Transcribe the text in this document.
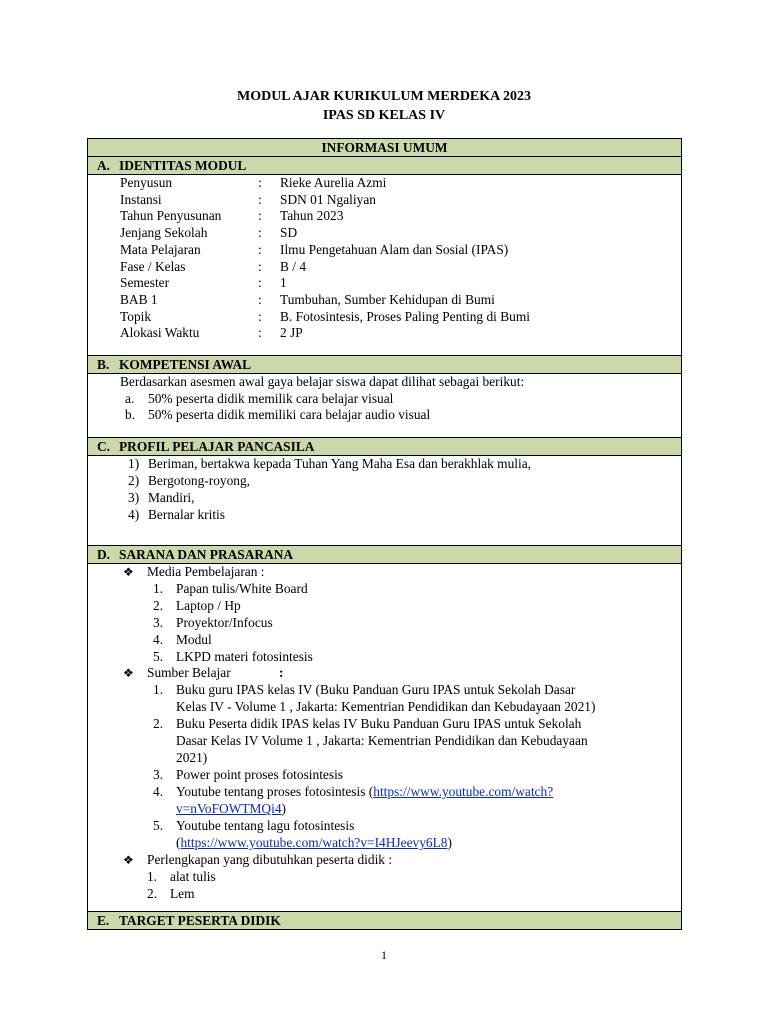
MODUL AJAR KURIKULUM MERDEKA 2023
IPAS SD KELAS IV
INFORMASI UMUM
A. IDENTITAS MODUL

Penyusun	: Rieke Aurelia Azmi
Instansi	: SDN 01 Ngaliyan
Tahun Penyusunan	: Tahun 2023
Jenjang Sekolah	: SD
Mata Pelajaran	: Ilmu Pengetahuan Alam dan Sosial (IPAS)
Fase / Kelas	: B / 4
Semester	: 1
BAB 1	: Tumbuhan, Sumber Kehidupan di Bumi
Topik	: B. Fotosintesis, Proses Paling Penting di Bumi
Alokasi Waktu	: 2 JP

B. KOMPETENSI AWAL

Berdasarkan asesmen awal gaya belajar siswa dapat dilihat sebagai berikut:
a. 50% peserta didik memilik cara belajar visual
b. 50% peserta didik memiliki cara belajar audio visual

C. PROFIL PELAJAR PANCASILA

1) Beriman, bertakwa kepada Tuhan Yang Maha Esa dan berakhlak mulia,
2) Bergotong-royong,
3) Mandiri,
4) Bernalar kritis

D. SARANA DAN PRASARANA

❖ Media Pembelajaran :
1. Papan tulis/White Board
2. Laptop / Hp
3. Proyektor/Infocus
4. Modul
5. LKPD materi fotosintesis
❖ Sumber Belajar	:
1. Buku guru IPAS kelas IV (Buku Panduan Guru IPAS untuk Sekolah Dasar
Kelas IV - Volume 1 , Jakarta: Kementrian Pendidikan dan Kebudayaan 2021)
2. Buku Peserta didik IPAS kelas IV Buku Panduan Guru IPAS untuk Sekolah
Dasar Kelas IV Volume 1 , Jakarta: Kementrian Pendidikan dan Kebudayaan
2021)
3. Power point proses fotosintesis
4. Youtube tentang proses fotosintesis (https://www.youtube.com/watch?
v=nVoFOWTMQi4)
5. Youtube tentang lagu fotosintesis
(https://www.youtube.com/watch?v=I4HJeevy6L8)
❖ Perlengkapan yang dibutuhkan peserta didik :
1. alat tulis
2. Lem

E. TARGET PESERTA DIDIK
1
